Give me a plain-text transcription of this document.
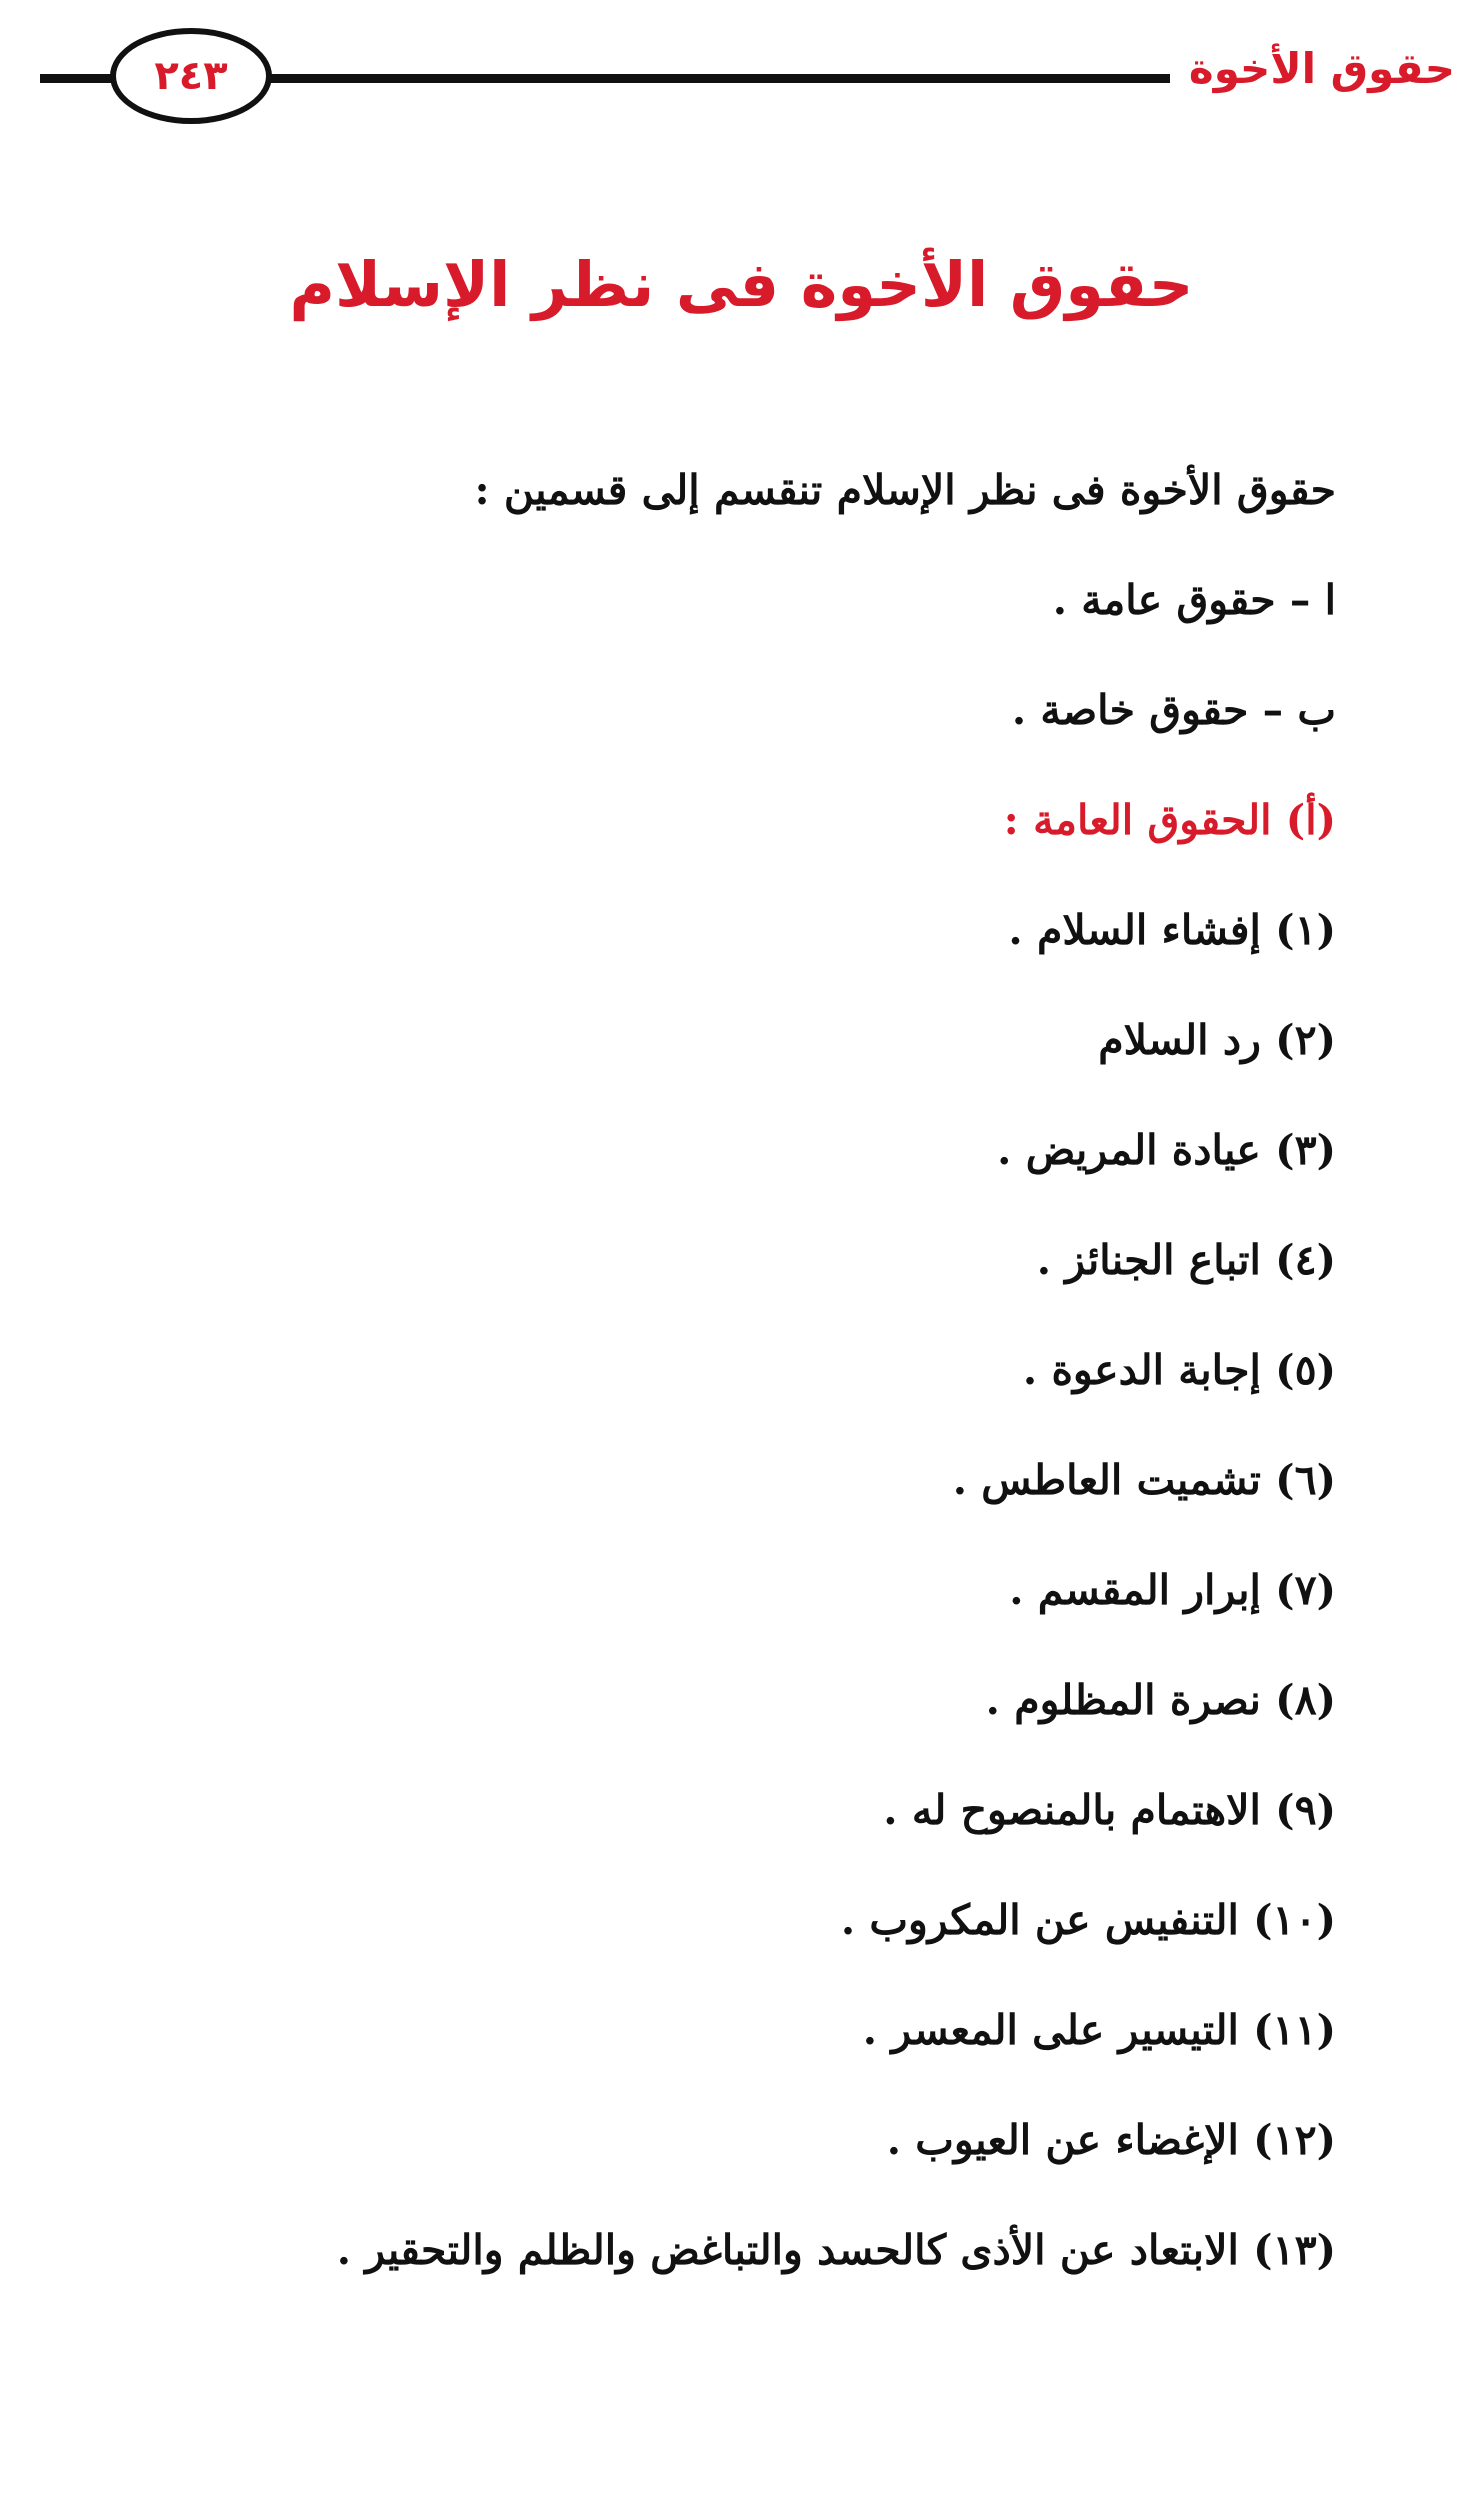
٢٤٣	حقوق الأخوة
حقوق الأخوة فى نظر الإسلام
حقوق الأخوة فى نظر الإسلام تنقسم إلى قسمين :
ا – حقوق عامة .
ب – حقوق خاصة .
(أ) الحقوق العامة :
(١) إفشاء السلام .
(٢) رد السلام
(٣) عيادة المريض .
(٤) اتباع الجنائز .
(٥) إجابة الدعوة .
(٦) تشميت العاطس .
(٧) إبرار المقسم .
(٨) نصرة المظلوم .
(٩) الاهتمام بالمنصوح له .
(١٠) التنفيس عن المكروب .
(١١) التيسير على المعسر .
(١٢) الإغضاء عن العيوب .
(١٣) الابتعاد عن الأذى كالحسد والتباغض والظلم والتحقير .
